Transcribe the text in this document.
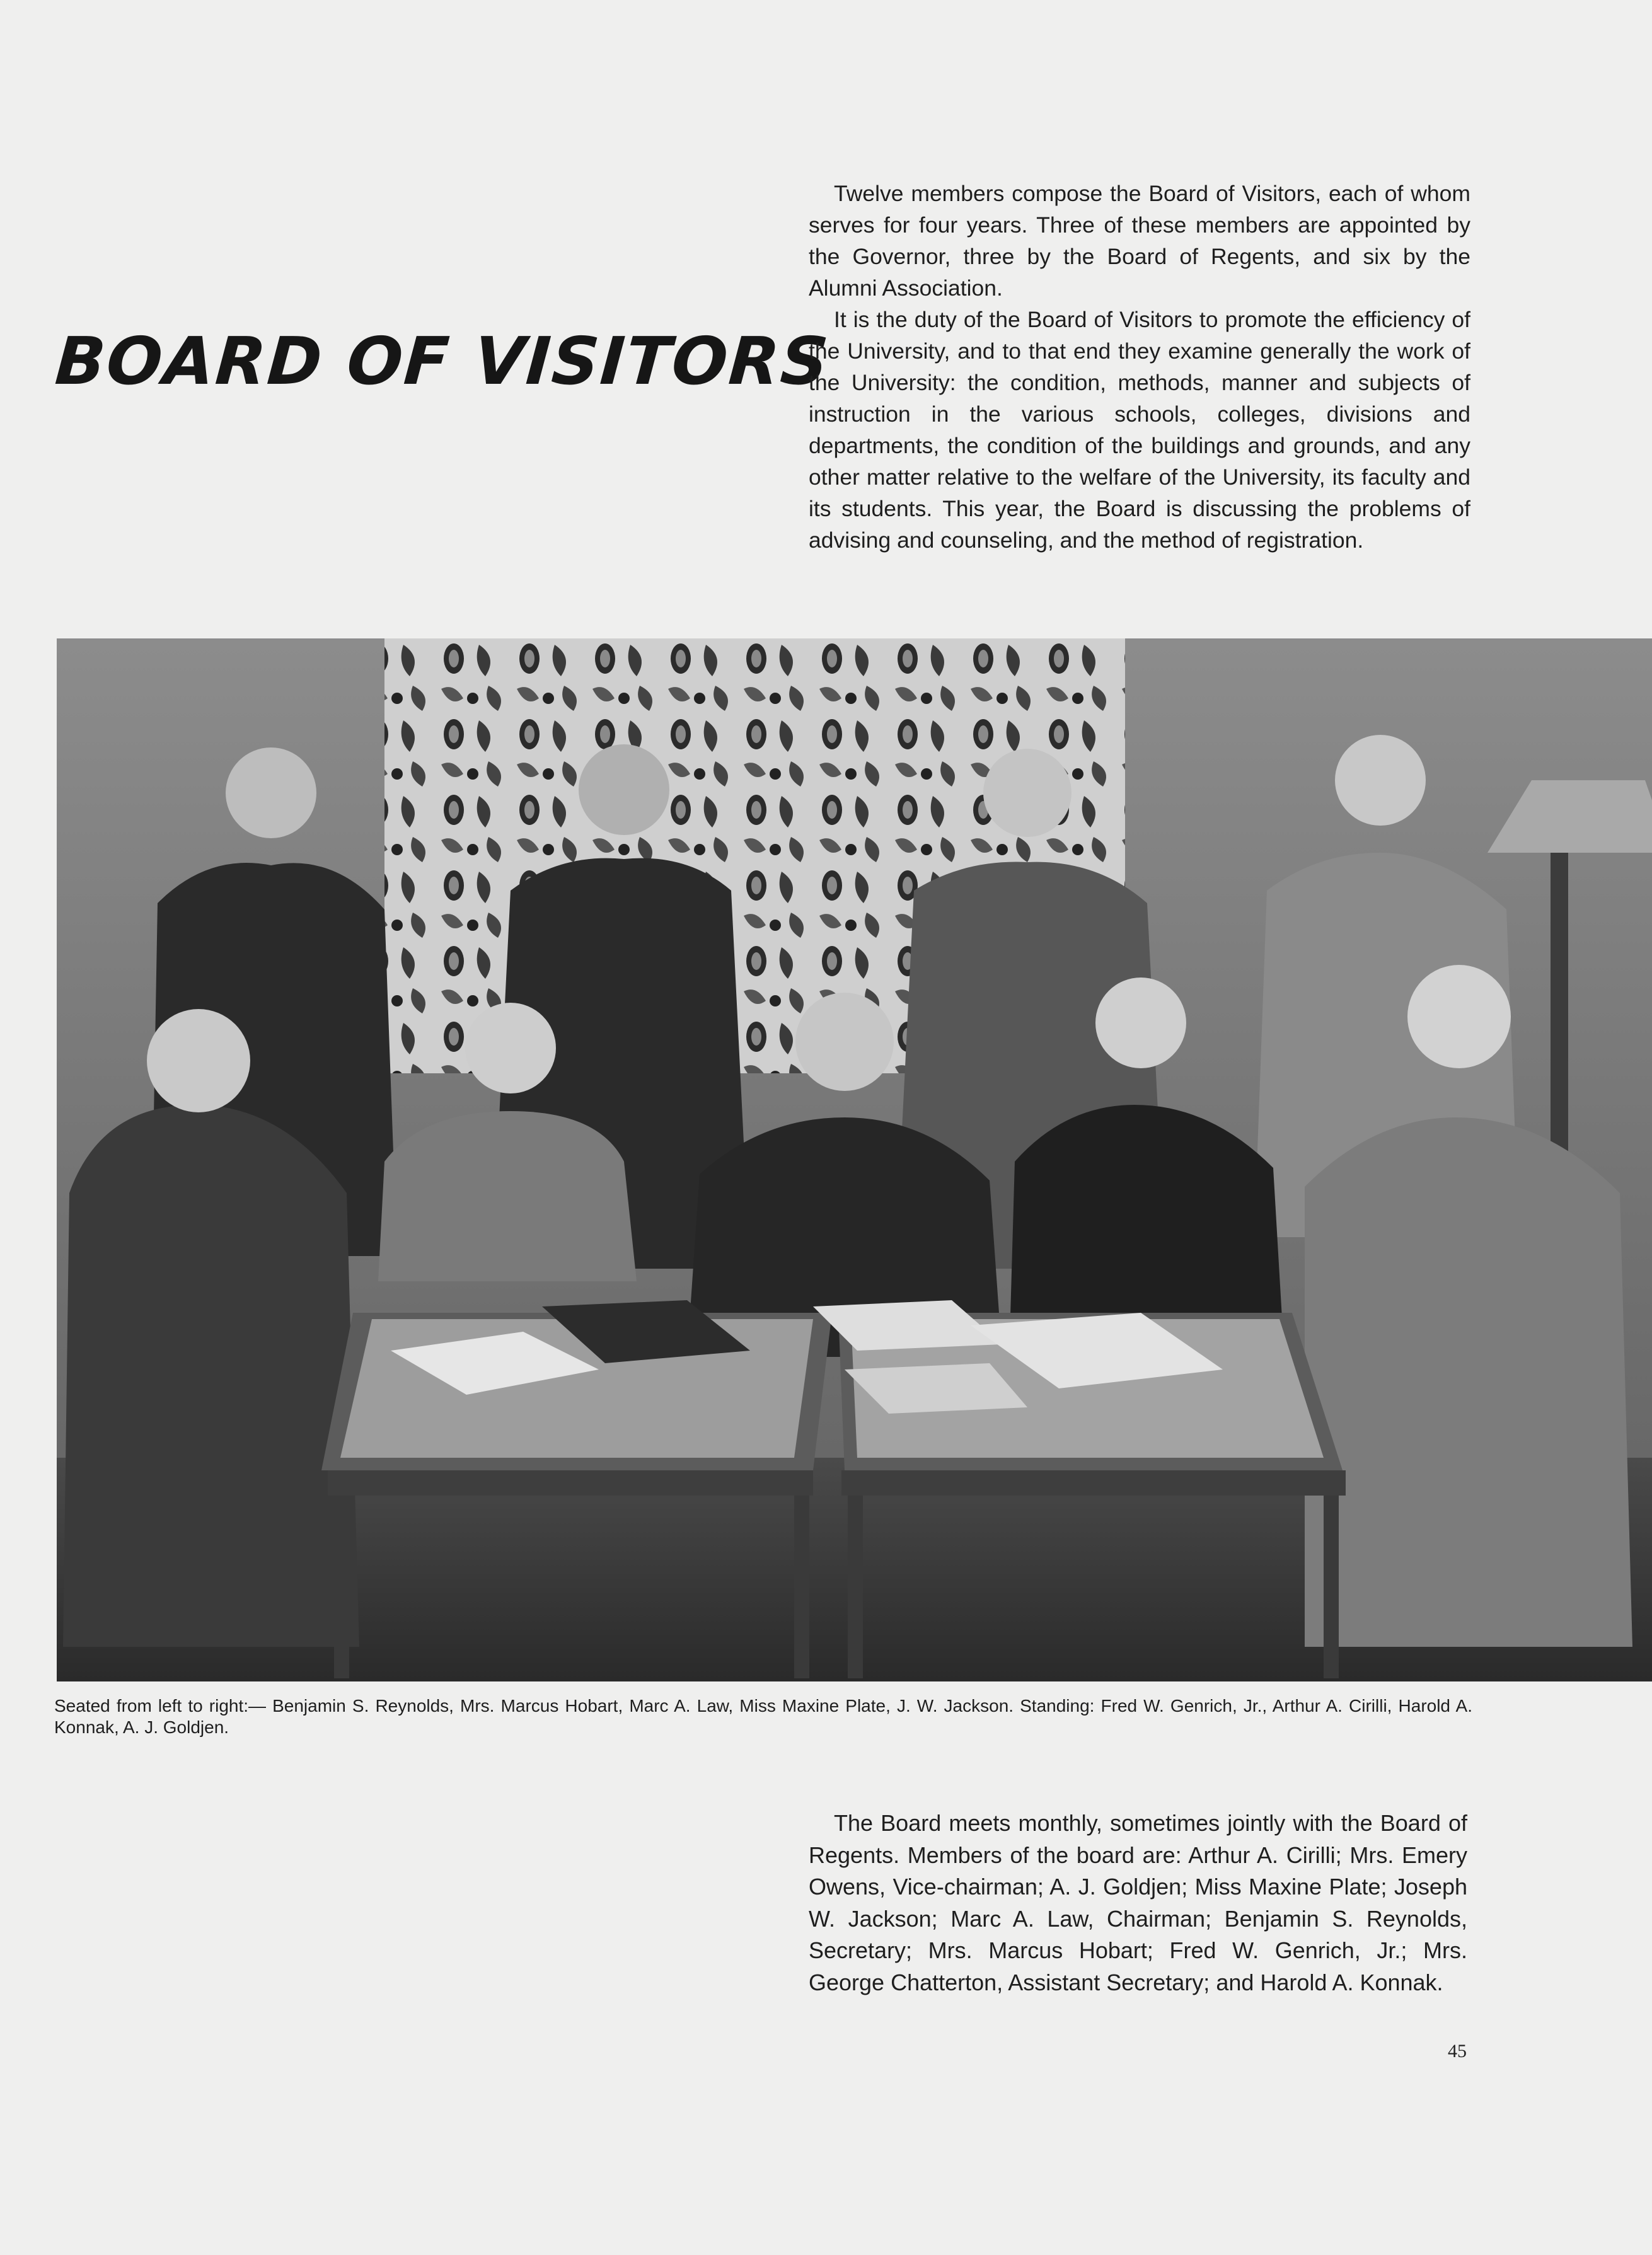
BOARD OF VISITORS

Twelve members compose the Board of Visitors, each of whom serves for four years. Three of these members are appointed by the Governor, three by the Board of Regents, and six by the Alumni Association.

It is the duty of the Board of Visitors to promote the efficiency of the University, and to that end they examine generally the work of the University: the condition, methods, manner and subjects of instruction in the various schools, colleges, divisions and departments, the condition of the buildings and grounds, and any other matter relative to the welfare of the University, its faculty and its students. This year, the Board is discussing the problems of advising and counseling, and the method of registration.

Seated from left to right:— Benjamin S. Reynolds, Mrs. Marcus Hobart, Marc A. Law, Miss Maxine Plate, J. W. Jackson. Standing: Fred W. Genrich, Jr., Arthur A. Cirilli, Harold A. Konnak, A. J. Goldjen.

The Board meets monthly, sometimes jointly with the Board of Regents. Members of the board are: Arthur A. Cirilli; Mrs. Emery Owens, Vice-chairman; A. J. Goldjen; Miss Maxine Plate; Joseph W. Jackson; Marc A. Law, Chairman; Benjamin S. Reynolds, Secretary; Mrs. Marcus Hobart; Fred W. Genrich, Jr.; Mrs. George Chatterton, Assistant Secretary; and Harold A. Konnak.

45
